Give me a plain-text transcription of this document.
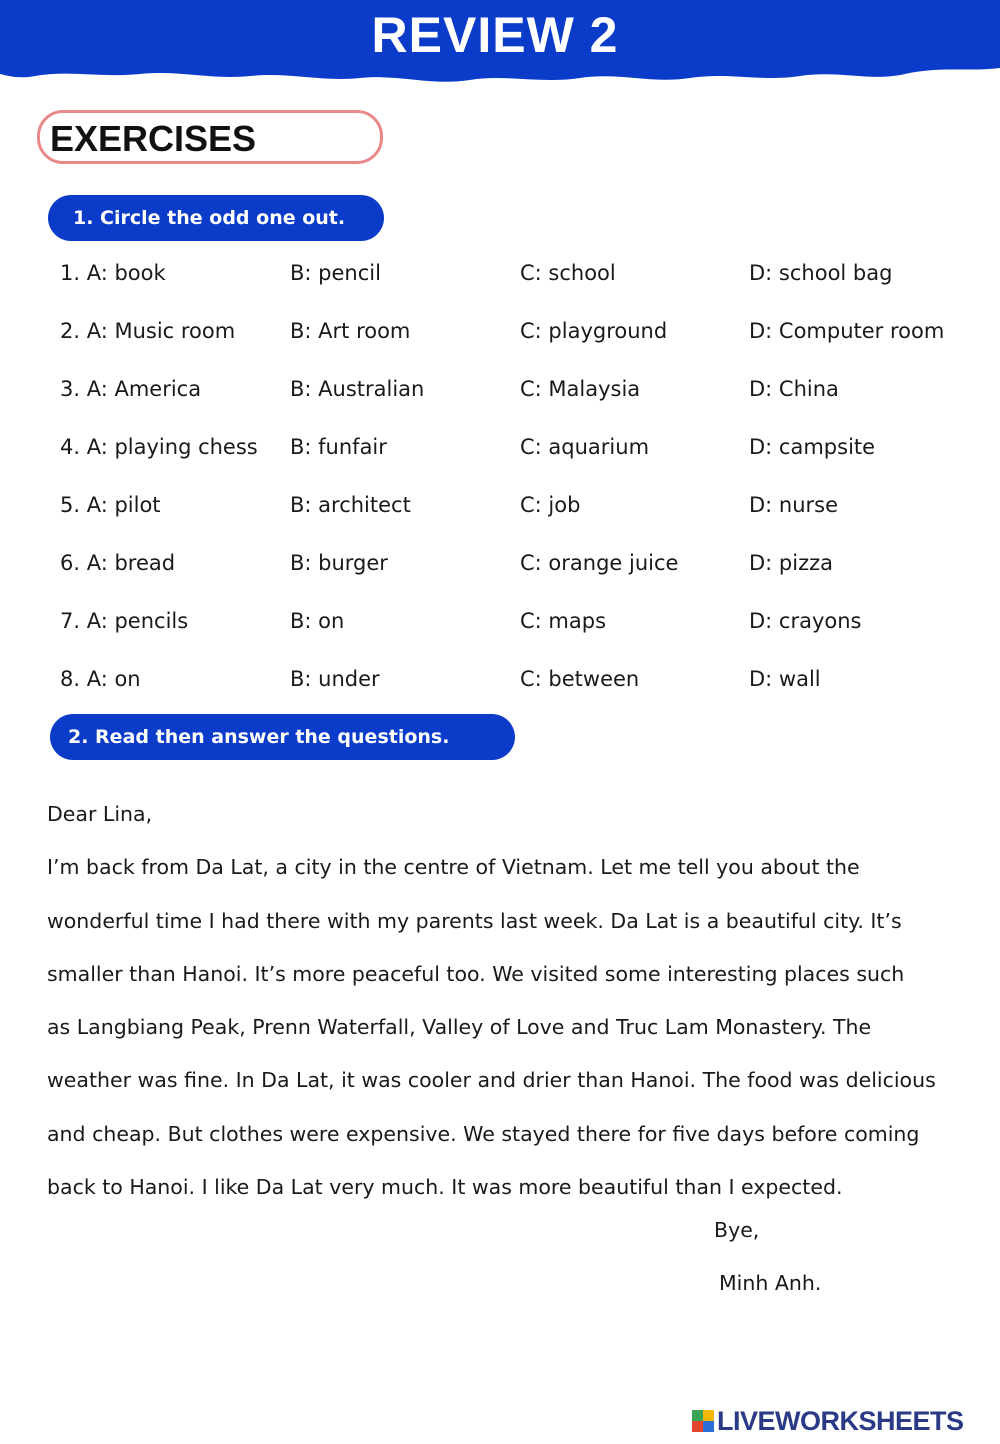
REVIEW 2
EXERCISES
1. Circle the odd one out.
1. A: book	B: pencil	C: school	D: school bag
2. A: Music room	B: Art room	C: playground	D: Computer room
3. A: America	B: Australian	C: Malaysia	D: China
4. A: playing chess B: funfair	C: aquarium	D: campsite
5. A: pilot	B: architect	C: job	D: nurse
6. A: bread	B: burger	C: orange juice	D: pizza
7. A: pencils	B: on	C: maps	D: crayons
8. A: on	B: under	C: between	D: wall
2. Read then answer the questions.

Dear Lina,

I’m back from Da Lat, a city in the centre of Vietnam. Let me tell you about the

wonderful time I had there with my parents last week. Da Lat is a beautiful city. It’s

smaller than Hanoi. It’s more peaceful too. We visited some interesting places such

as Langbiang Peak, Prenn Waterfall, Valley of Love and Truc Lam Monastery. The

weather was fine. In Da Lat, it was cooler and drier than Hanoi. The food was delicious

and cheap. But clothes were expensive. We stayed there for five days before coming

back to Hanoi. I like Da Lat very much. It was more beautiful than I expected.

Bye,
Minh Anh.
LIVEWORKSHEETS
